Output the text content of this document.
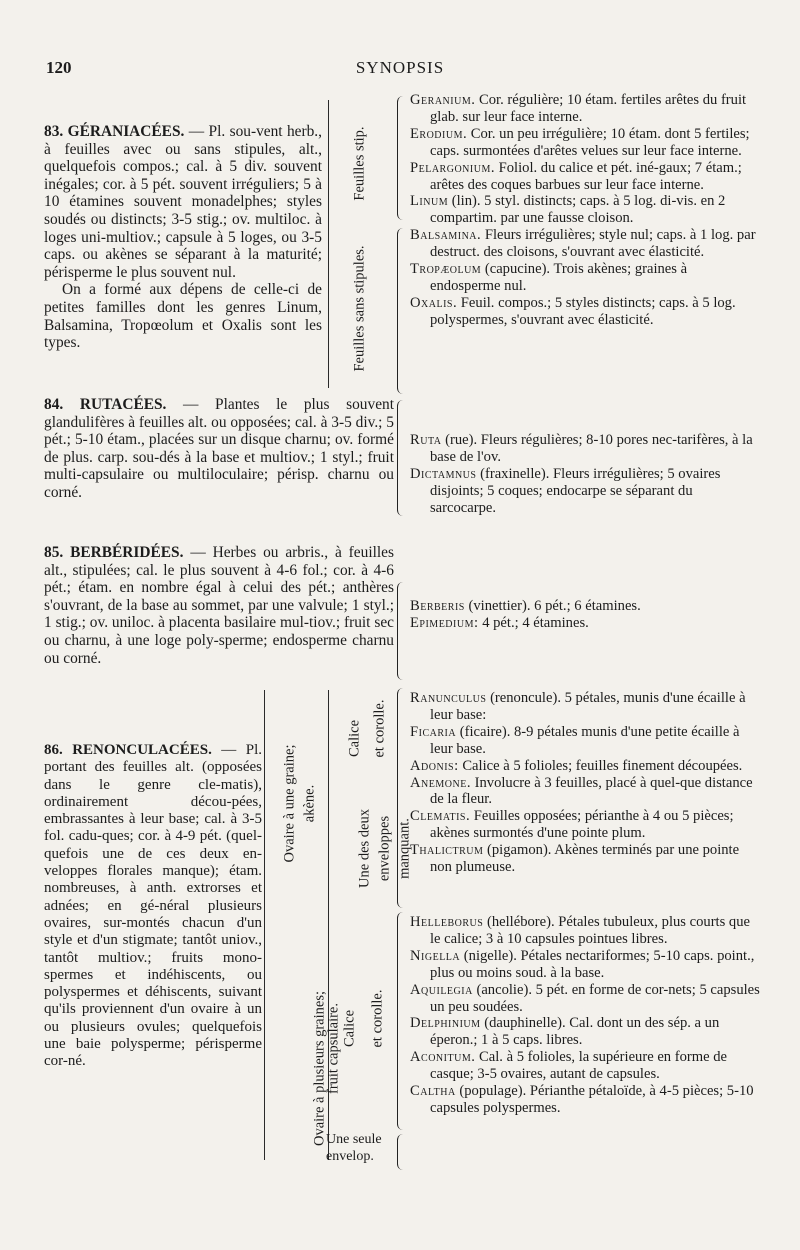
120	SYNOPSIS

83. GÉRANIACÉES. — Pl. sou-vent herb., à feuilles avec ou sans stipules, alt., quelquefois compos.; cal. à 5 div. souvent inégales; cor. à 5 pét. souvent irréguliers; 5 à 10 étamines souvent monadelphes; styles soudés ou distincts; 3-5 stig.; ov. multiloc. à loges uni-multiov.; capsule à 5 loges, ou 3-5 caps. ou akènes se séparant à la maturité; périsperme le plus souvent nul.

On a formé aux dépens de celle-ci de petites familles dont les genres Linum, Balsamina, Tropœolum et Oxalis sont les types.

Feuilles stip.
Feuilles sans stipules.
Geranium. Cor. régulière; 10 étam. fertiles arêtes du fruit glab. sur leur face interne.
Erodium. Cor. un peu irrégulière; 10 étam. dont 5 fertiles; caps. surmontées d'arêtes velues sur leur face interne.
Pelargonium. Foliol. du calice et pét. iné-gaux; 7 étam.; arêtes des coques barbues sur leur face interne.
Linum (lin). 5 styl. distincts; caps. à 5 log. di-vis. en 2 compartim. par une fausse cloison.
Balsamina. Fleurs irrégulières; style nul; caps. à 1 log. par destruct. des cloisons, s'ouvrant avec élasticité.
Tropæolum (capucine). Trois akènes; graines à endosperme nul.
Oxalis. Feuil. compos.; 5 styles distincts; caps. à 5 log. polyspermes, s'ouvrant avec élasticité.

84. RUTACÉES. — Plantes le plus souvent glandulifères à feuilles alt. ou opposées; cal. à 3-5 div.; 5 pét.; 5-10 étam., placées sur un disque charnu; ov. formé de plus. carp. sou-dés à la base et multiov.; 1 styl.; fruit multi-capsulaire ou multiloculaire; périsp. charnu ou corné.

Ruta (rue). Fleurs régulières; 8-10 pores nec-tarifères, à la base de l'ov.
Dictamnus (fraxinelle). Fleurs irrégulières; 5 ovaires disjoints; 5 coques; endocarpe se séparant du sarcocarpe.

85. BERBÉRIDÉES. — Herbes ou arbris., à feuilles alt., stipulées; cal. le plus souvent à 4-6 fol.; cor. à 4-6 pét.; étam. en nombre égal à celui des pét.; anthères s'ouvrant, de la base au sommet, par une valvule; 1 styl.; 1 stig.; ov. uniloc. à placenta basilaire mul-tiov.; fruit sec ou charnu, à une loge poly-sperme; endosperme charnu ou corné.

Berberis (vinettier). 6 pét.; 6 étamines.
Epimedium: 4 pét.; 4 étamines.

86. RENONCULACÉES. — Pl. portant des feuilles alt. (opposées dans le genre cle-matis), ordinairement décou-pées, embrassantes à leur base; cal. à 3-5 fol. cadu-ques; cor. à 4-9 pét. (quel-quefois une de ces deux en-veloppes florales manque); étam. nombreuses, à anth. extrorses et adnées; en gé-néral plusieurs ovaires, sur-montés chacun d'un style et d'un stigmate; tantôt uniov., tantôt multiov.; fruits mono-spermes et indéhiscents, ou polyspermes et déhiscents, suivant qu'ils proviennent d'un ovaire à un ou plusieurs ovules; quelquefois une baie polysperme; périsperme cor-né.

Ovaire à une graine; akène.
Ovaire à plusieurs graines;
fruit capsulaire.
Une des deux enveloppes manquant.
Calice et corolle.
Calice et corolle.
Une seule
envelop.
Ranunculus (renoncule). 5 pétales, munis d'une écaille à leur base:
Ficaria (ficaire). 8-9 pétales munis d'une petite écaille à leur base.
Adonis: Calice à 5 folioles; feuilles finement découpées.
Anemone. Involucre à 3 feuilles, placé à quel-que distance de la fleur.
Clematis. Feuilles opposées; périanthe à 4 ou 5 pièces; akènes surmontés d'une pointe plum.
Thalictrum (pigamon). Akènes terminés par une pointe non plumeuse.
Helleborus (hellébore). Pétales tubuleux, plus courts que le calice; 3 à 10 capsules pointues libres.
Nigella (nigelle). Pétales nectariformes; 5-10 caps. point., plus ou moins soud. à la base.
Aquilegia (ancolie). 5 pét. en forme de cor-nets; 5 capsules un peu soudées.
Delphinium (dauphinelle). Cal. dont un des sép. a un éperon.; 1 à 5 caps. libres.
Aconitum. Cal. à 5 folioles, la supérieure en forme de casque; 3-5 ovaires, autant de capsules.
Caltha (populage). Périanthe pétaloïde, à 4-5 pièces; 5-10 capsules polyspermes.
